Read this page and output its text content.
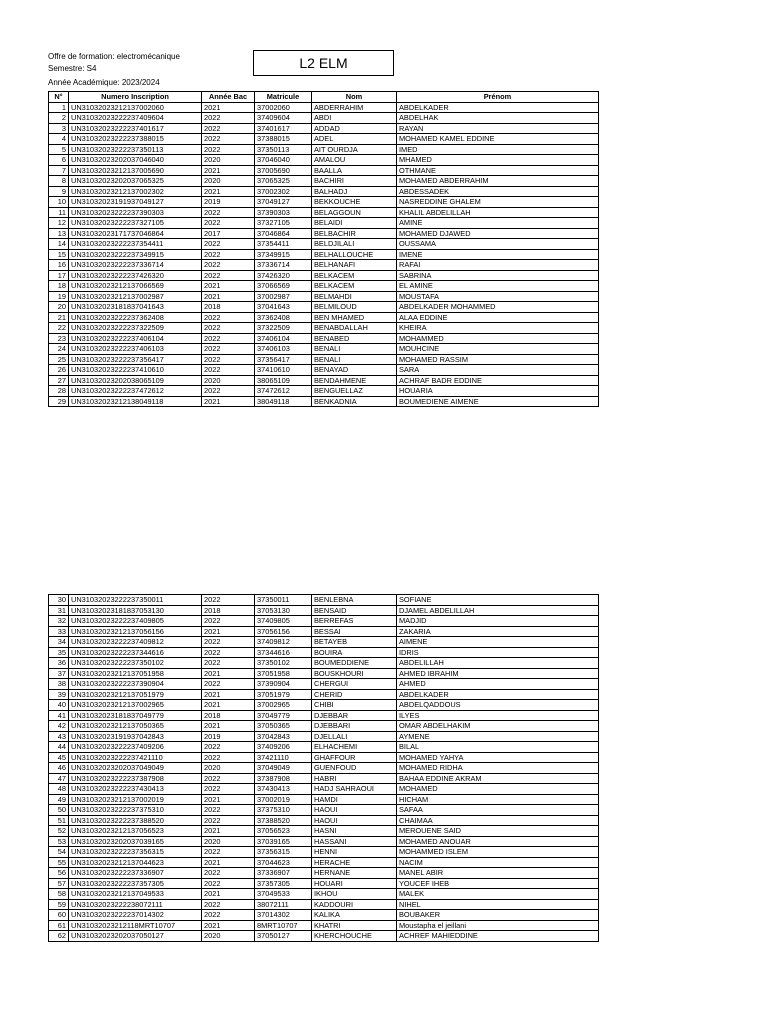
Offre de formation: electromécanique
Semestre: S4
Année Académique: 2023/2024
L2 ELM
N°	Numero Inscription	Année Bac	Matricule	Nom	Prénom
1	UN31032023212137002060	2021	37002060	ABDERRAHIM	ABDELKADER
2	UN31032023222237409604	2022	37409604	ABDI	ABDELHAK
3	UN31032023222237401617	2022	37401617	ADDAD	RAYAN
4	UN31032023222237388015	2022	37388015	ADEL	MOHAMED KAMEL EDDINE
5	UN31032023222237350113	2022	37350113	AIT OURDJA	IMED
6	UN31032023202037046040	2020	37046040	AMALOU	MHAMED
7	UN31032023212137005690	2021	37005690	BAALLA	OTHMANE
8	UN31032023202037065325	2020	37065325	BACHIRI	MOHAMED ABDERRAHIM
9	UN31032023212137002302	2021	37002302	BALHADJ	ABDESSADEK
10	UN31032023191937049127	2019	37049127	BEKKOUCHE	NASREDDINE GHALEM
11	UN31032023222237390303	2022	37390303	BELAGGOUN	KHALIL ABDELILLAH
12	UN31032023222237327105	2022	37327105	BELAIDI	AMINE
13	UN31032023171737046864	2017	37046864	BELBACHIR	MOHAMED DJAWED
14	UN31032023222237354411	2022	37354411	BELDJILALI	OUSSAMA
15	UN31032023222237349915	2022	37349915	BELHALLOUCHE	IMENE
16	UN31032023222237336714	2022	37336714	BELHANAFI	RAFAI
17	UN31032023222237426320	2022	37426320	BELKACEM	SABRINA
18	UN31032023212137066569	2021	37066569	BELKACEM	EL AMINE
19	UN31032023212137002987	2021	37002987	BELMAHDI	MOUSTAFA
20	UN31032023181837041643	2018	37041643	BELMILOUD	ABDELKADER MOHAMMED
21	UN31032023222237362408	2022	37362408	BEN MHAMED	ALAA EDDINE
22	UN31032023222237322509	2022	37322509	BENABDALLAH	KHEIRA
23	UN31032023222237406104	2022	37406104	BENABED	MOHAMMED
24	UN31032023222237406103	2022	37406103	BENALI	MOUHCINE
25	UN31032023222237356417	2022	37356417	BENALI	MOHAMED RASSIM
26	UN31032023222237410610	2022	37410610	BENAYAD	SARA
27	UN31032023202038065109	2020	38065109	BENDAHMENE	ACHRAF BADR EDDINE
28	UN31032023222237472612	2022	37472612	BENGUELLAZ	HOUARIA
29	UN31032023212138049118	2021	38049118	BENKADNIA	BOUMEDIENE AIMENE
30	UN31032023222237350011	2022	37350011	BENLEBNA	SOFIANE
31	UN31032023181837053130	2018	37053130	BENSAID	DJAMEL ABDELILLAH
32	UN31032023222237409805	2022	37409805	BERREFAS	MADJID
33	UN31032023212137056156	2021	37056156	BESSAI	ZAKARIA
34	UN31032023222237409812	2022	37409812	BETAYEB	AIMENE
35	UN31032023222237344616	2022	37344616	BOUIRA	IDRIS
36	UN31032023222237350102	2022	37350102	BOUMEDDIENE	ABDELILLAH
37	UN31032023212137051958	2021	37051958	BOUSKHOURI	AHMED IBRAHIM
38	UN31032023222237390904	2022	37390904	CHERGUI	AHMED
39	UN31032023212137051979	2021	37051979	CHERID	ABDELKADER
40	UN31032023212137002965	2021	37002965	CHIBI	ABDELQADDOUS
41	UN31032023181837049779	2018	37049779	DJEBBAR	ILYES
42	UN31032023212137050365	2021	37050365	DJEBBARI	OMAR ABDELHAKIM
43	UN31032023191937042843	2019	37042843	DJELLALI	AYMENE
44	UN31032023222237409206	2022	37409206	ELHACHEMI	BILAL
45	UN31032023222237421110	2022	37421110	GHAFFOUR	MOHAMED YAHYA
46	UN31032023202037049049	2020	37049049	GUENFOUD	MOHAMED RIDHA
47	UN31032023222237387908	2022	37387908	HABRI	BAHAA EDDINE AKRAM
48	UN31032023222237430413	2022	37430413	HADJ SAHRAOUI	MOHAMED
49	UN31032023212137002019	2021	37002019	HAMDI	HICHAM
50	UN31032023222237375310	2022	37375310	HAOUI	SAFAA
51	UN31032023222237388520	2022	37388520	HAOUI	CHAIMAA
52	UN31032023212137056523	2021	37056523	HASNI	MEROUENE SAID
53	UN31032023202037039165	2020	37039165	HASSANI	MOHAMED ANOUAR
54	UN31032023222237356315	2022	37356315	HENNI	MOHAMMED ISLEM
55	UN31032023212137044623	2021	37044623	HERACHE	NACIM
56	UN31032023222237336907	2022	37336907	HERNANE	MANEL ABIR
57	UN31032023222237357305	2022	37357305	HOUARI	YOUCEF IHEB
58	UN31032023212137049533	2021	37049533	IKHOU	MALEK
59	UN31032023222238072111	2022	38072111	KADDOURI	NIHEL
60	UN31032023222237014302	2022	37014302	KALIKA	BOUBAKER
61	UN31032023212118MRT10707	2021	8MRT10707	KHATRI	Moustapha el jeillani
62	UN31032023202037050127	2020	37050127	KHERCHOUCHE	ACHREF MAHIEDDINE
